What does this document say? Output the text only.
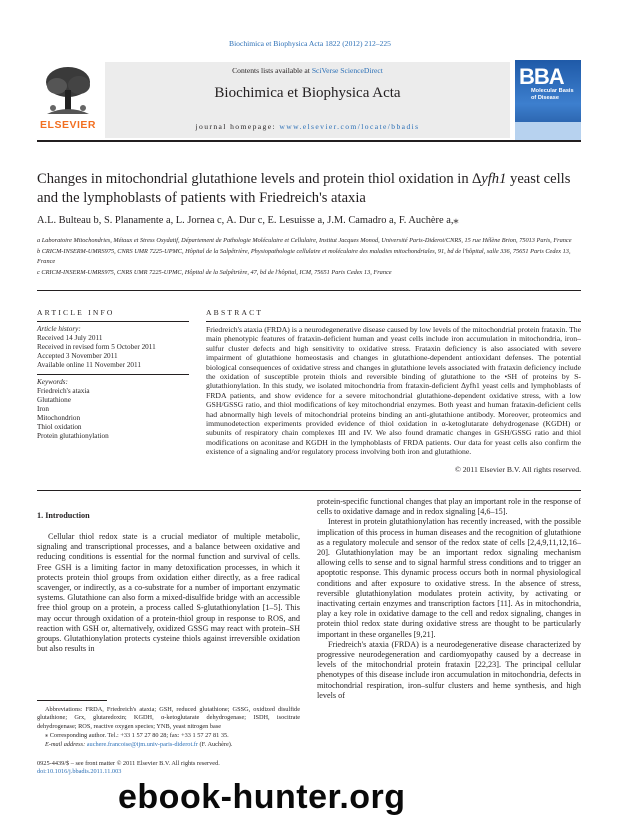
Biochimica et Biophysica Acta 1822 (2012) 212–225
ELSEVIER
Contents lists available at SciVerse ScienceDirect
Biochimica et Biophysica Acta
journal homepage: www.elsevier.com/locate/bbadis
BBA
Molecular Basis of Disease
Changes in mitochondrial glutathione levels and protein thiol oxidation in ∆yfh1 yeast cells and the lymphoblasts of patients with Friedreich's ataxia
A.L. Bulteau b, S. Planamente a, L. Jornea c, A. Dur c, E. Lesuisse a, J.M. Camadro a, F. Auchère a,⁎

a Laboratoire Mitochondries, Métaux et Stress Oxydatif, Département de Pathologie Moléculaire et Cellulaire, Institut Jacques Monod, Université Paris-Diderot/CNRS, 15 rue Hélène Brion, 75013 Paris, France

b CRICM-INSERM-UMRS975, CNRS UMR 7225-UPMC, Hôpital de la Salpêtrière, Physiopathologie cellulaire et moléculaire des maladies mitochondriales, 91, bd de l'hôpital, salle 336, 75651 Paris Cedex 13, France

c CRICM-INSERM-UMRS975, CNRS UMR 7225-UPMC, Hôpital de la Salpêtrière, 47, bd de l'hôpital, ICM, 75651 Paris Cedex 13, France

ARTICLE INFO	ABSTRACT
Article history:
Received 14 July 2011
Received in revised form 5 October 2011
Accepted 3 November 2011
Available online 11 November 2011
Keywords:
Friedreich's ataxia
Glutathione
Iron
Mitochondrion
Thiol oxidation
Protein glutathionylation
Friedreich's ataxia (FRDA) is a neurodegenerative disease caused by low levels of the mitochondrial protein frataxin. The main phenotypic features of frataxin-deficient human and yeast cells include iron accumulation in mitochondria, iron–sulfur cluster defects and high sensitivity to oxidative stress. Frataxin deficiency is also associated with severe impairment of glutathione homeostasis and changes in glutathione-dependent antioxidant defenses. The potential biological consequences of oxidative stress and changes in glutathione levels associated with frataxin deficiency include the oxidation of susceptible protein thiols and reversible binding of glutathione to the •SH of proteins by S-glutathionylation. In this study, we isolated mitochondria from frataxin-deficient ∆yfh1 yeast cells and lymphoblasts of FRDA patients, and show evidence for a severe mitochondrial glutathione-dependent oxidative stress, with a low GSH/GSSG ratio, and thiol modifications of key mitochondrial enzymes. Both yeast and human frataxin-deficient cells had abnormally high levels of mitochondrial proteins binding an anti-glutathione antibody. Moreover, proteomics and immunodetection experiments provided evidence of thiol oxidation in α-ketoglutarate dehydrogenase (KGDH) or subunits of respiratory chain complexes III and IV. We also found dramatic changes in GSH/GSSG ratio and thiol modifications on aconitase and KGDH in the lymphoblasts of FRDA patients. Our data for yeast cells also confirm the existence of a signaling and/or regulatory process involving both iron and glutathione.
© 2011 Elsevier B.V. All rights reserved.
1. Introduction

Cellular thiol redox state is a crucial mediator of multiple metabolic, signaling and transcriptional processes, and a balance between oxidative and reducing conditions is essential for the normal function and survival of cells. Free GSH is a limiting factor in many detoxification processes, in which it protects protein thiol groups from oxidation either directly, as a free radical scavenger, or indirectly, as a co-substrate for a number of important enzymatic systems. Glutathione can also form a mixed-disulfide bridge with an accessible free thiol group on a protein, a process called S-glutathionylation [1–5]. This may occur through oxidation of a protein-thiol group in response to ROS, and reaction with GSH or, alternatively, oxidized GSSG may react with protein–SH groups. Glutathionylation protects cysteine thiols against irreversible oxidation but also results in

protein-specific functional changes that play an important role in the response of cells to oxidative damage and in redox signaling [4,6–15].

Interest in protein glutathionylation has recently increased, with the possible implication of this process in human diseases and the recognition of glutathione as a regulatory molecule and sensor of the redox state of cells [2,4,9,11,12,16–20]. Glutathionylation may be an important redox signaling mechanism allowing cells to sense and to signal harmful stress conditions and to trigger an apoptotic response. This dynamic process occurs both in normal physiological conditions and after exposure to oxidative stress. In the absence of stress, reversible glutathionylation modulates protein activity, by activating or inactivating certain enzymes and transcription factors [11]. As in mitochondria, play a key role in oxidative damage to the cell and redox signaling, changes in protein thiol redox state during oxidative stress are thought to be particularly important in these organelles [9,21].

Friedreich's ataxia (FRDA) is a neurodegenerative disease characterized by progressive neurodegeneration and cardiomyopathy caused by a decrease in levels of the mitochondrial protein frataxin [22,23]. The principal cellular phenotypes of this disease include iron accumulation in mitochondria, defects in mitochondrial respiration, iron–sulfur clusters and heme synthesis, and high levels of

Abbreviations: FRDA, Friedreich's ataxia; GSH, reduced glutathione; GSSG, oxidized disulfide glutathione; Grx, glutaredoxin; KGDH, α-ketoglutarate dehydrogenase; ISDH, isocitrate dehydrogenase; ROS, reactive oxygen species; YNB, yeast nitrogen base

⁎ Corresponding author. Tel.: +33 1 57 27 80 28; fax: +33 1 57 27 81 35.

E-mail address: auchere.francoise@ijm.univ-paris-diderot.fr (F. Auchère).

0925-4439/$ – see front matter © 2011 Elsevier B.V. All rights reserved.
doi:10.1016/j.bbadis.2011.11.003
ebook-hunter.org
